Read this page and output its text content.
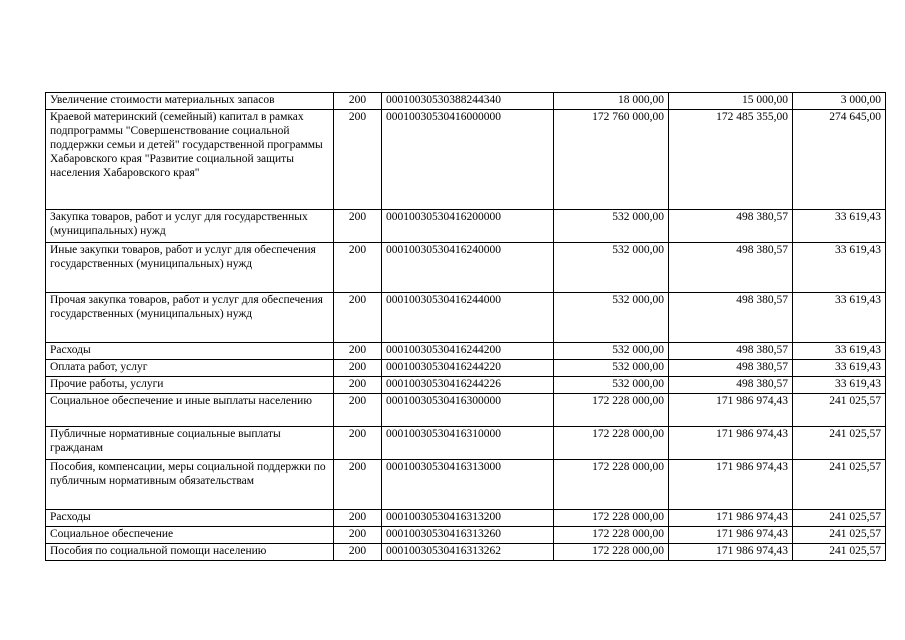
Увеличение стоимости материальных запасов	200	00010030530388244340	18 000,00	15 000,00	3 000,00
Краевой материнский (семейный) капитал в рамках подпрограммы "Совершенствование социальной поддержки семьи и детей" государственной программы Хабаровского края "Развитие социальной защиты населения Хабаровского края"	200	00010030530416000000	172 760 000,00	172 485 355,00	274 645,00
Закупка товаров, работ и услуг для государственных (муниципальных) нужд	200	00010030530416200000	532 000,00	498 380,57	33 619,43
Иные закупки товаров, работ и услуг для обеспечения государственных (муниципальных) нужд	200	00010030530416240000	532 000,00	498 380,57	33 619,43
Прочая закупка товаров, работ и услуг для обеспечения государственных (муниципальных) нужд	200	00010030530416244000	532 000,00	498 380,57	33 619,43
Расходы	200	00010030530416244200	532 000,00	498 380,57	33 619,43
Оплата работ, услуг	200	00010030530416244220	532 000,00	498 380,57	33 619,43
Прочие работы, услуги	200	00010030530416244226	532 000,00	498 380,57	33 619,43
Социальное обеспечение и иные выплаты населению	200	00010030530416300000	172 228 000,00	171 986 974,43	241 025,57
Публичные нормативные социальные выплаты гражданам	200	00010030530416310000	172 228 000,00	171 986 974,43	241 025,57
Пособия, компенсации, меры социальной поддержки по публичным нормативным обязательствам	200	00010030530416313000	172 228 000,00	171 986 974,43	241 025,57
Расходы	200	00010030530416313200	172 228 000,00	171 986 974,43	241 025,57
Социальное обеспечение	200	00010030530416313260	172 228 000,00	171 986 974,43	241 025,57
Пособия по социальной помощи населению	200	00010030530416313262	172 228 000,00	171 986 974,43	241 025,57
